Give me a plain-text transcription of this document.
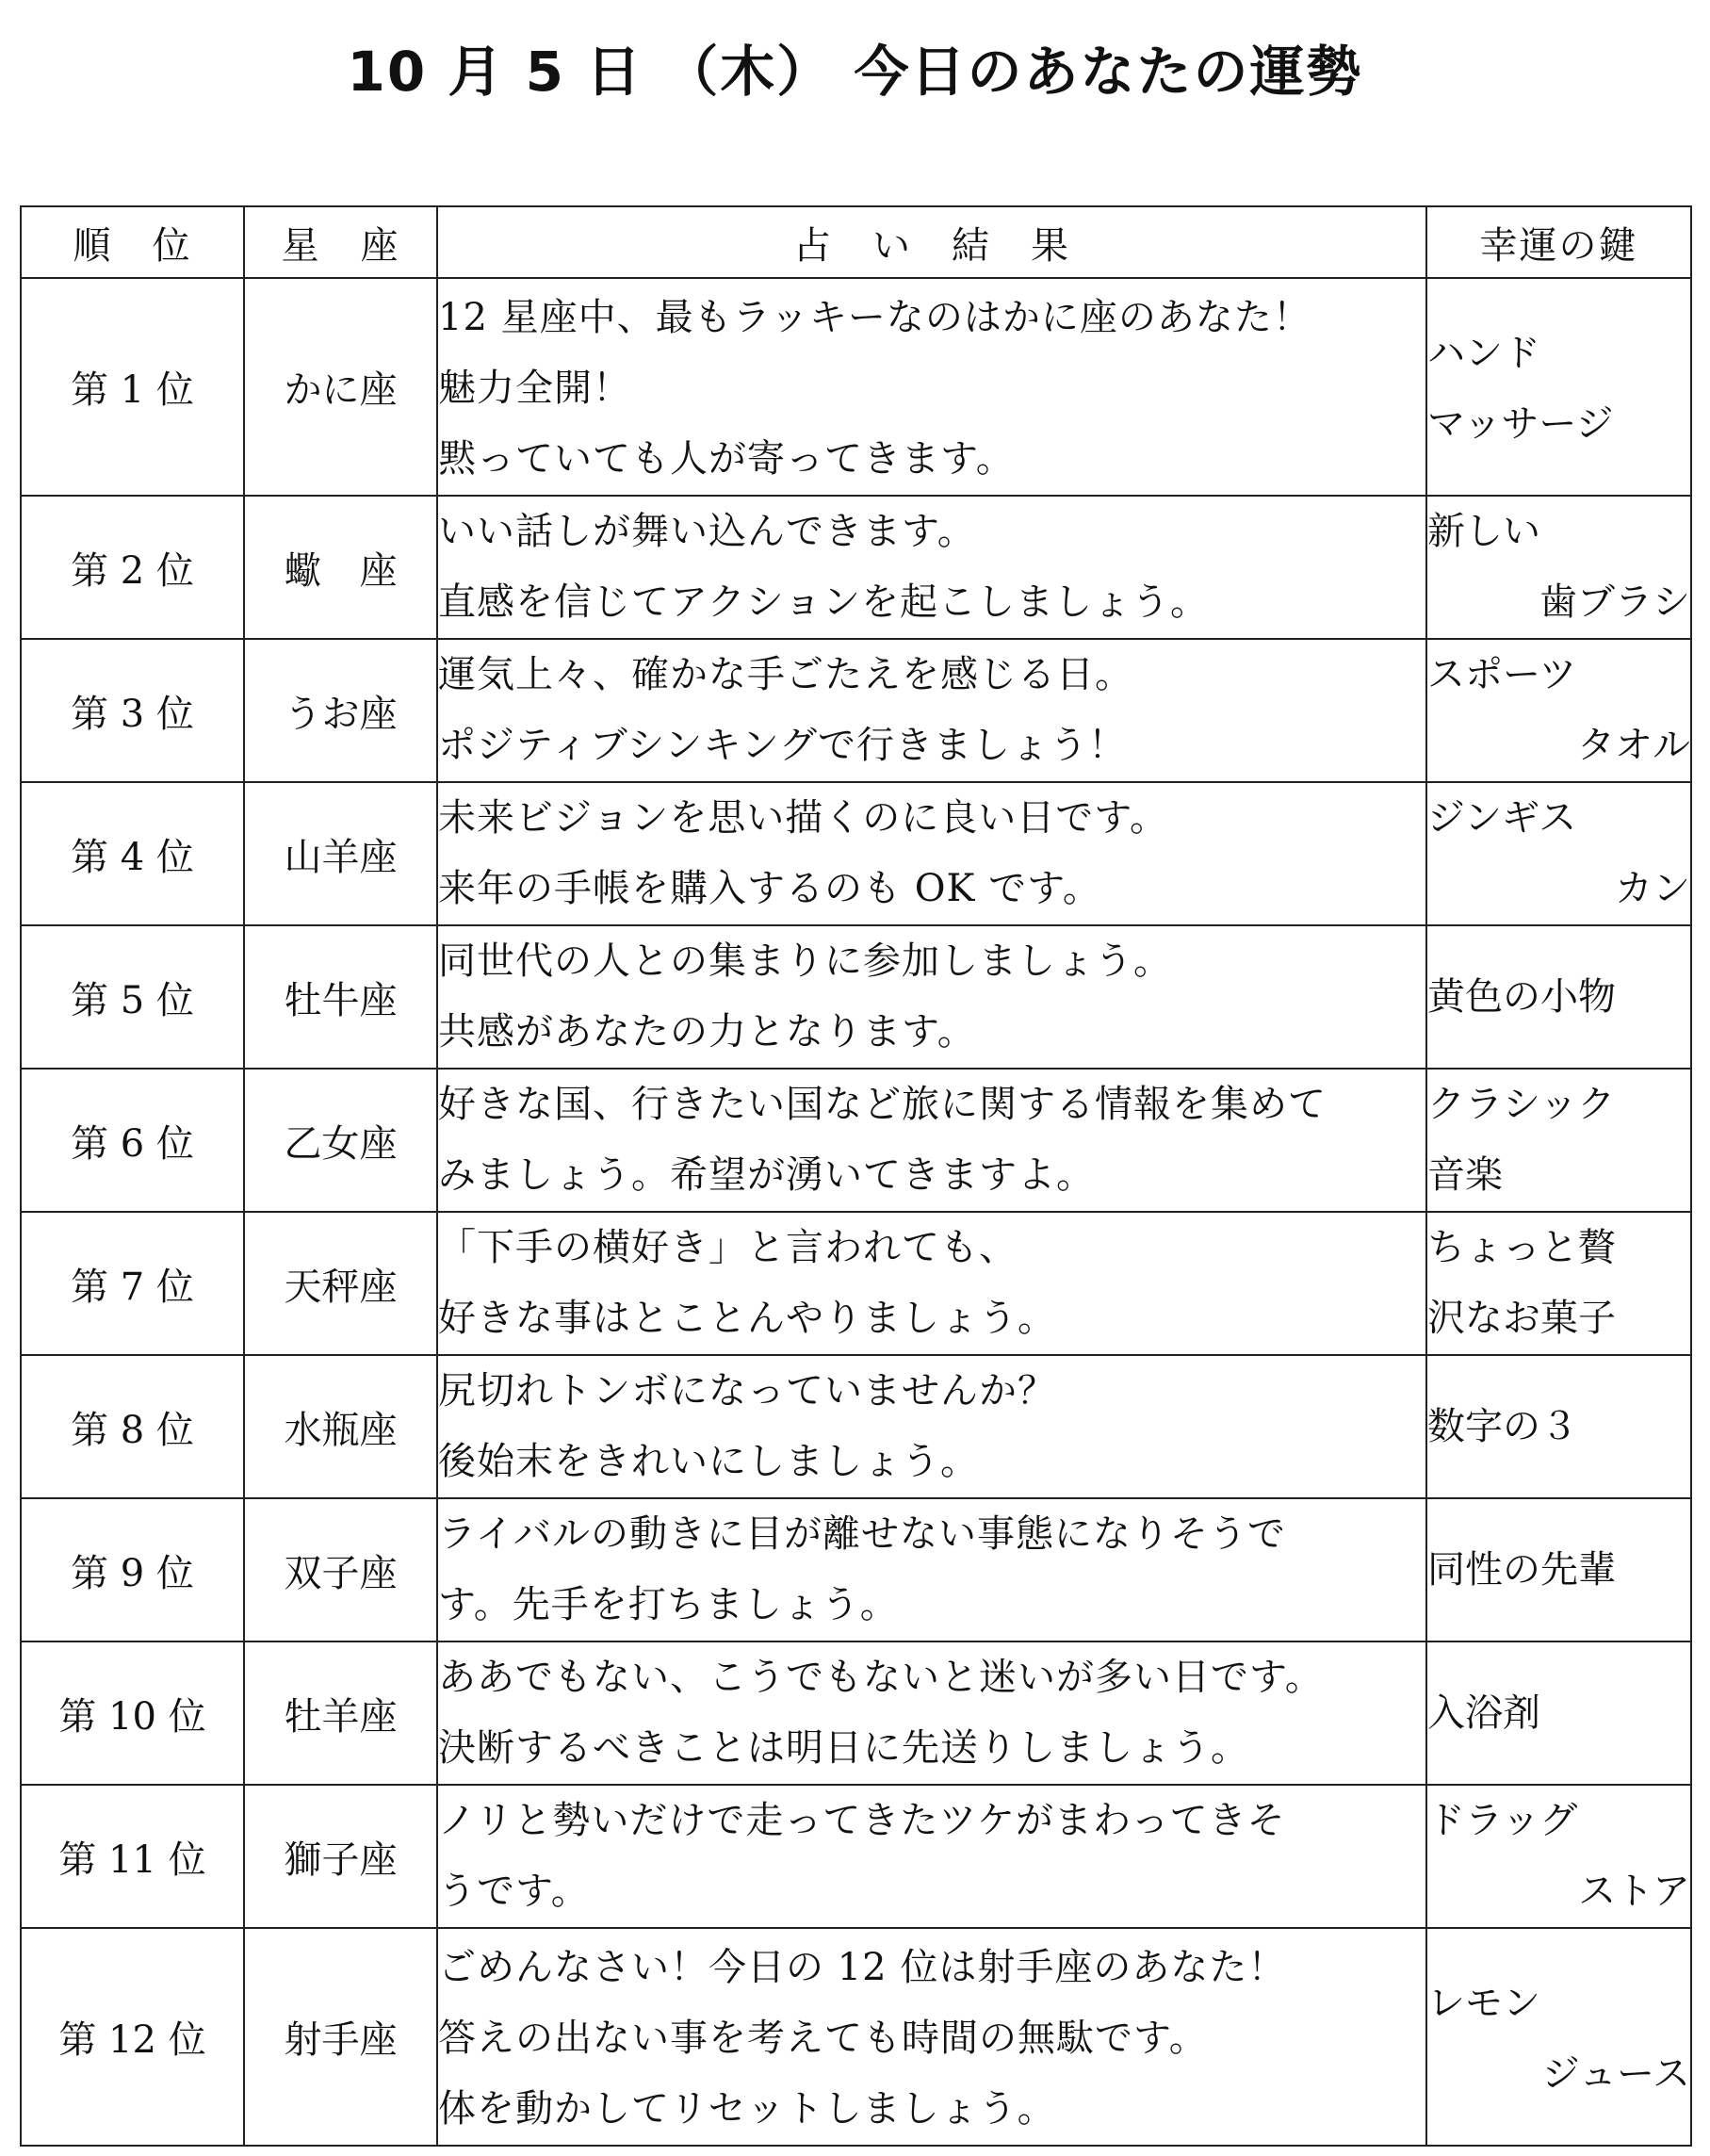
10 月 5 日 （木） 今日のあなたの運勢
順　位	星　座	占　い　結　果	幸運の鍵
第 1 位	かに座	12 星座中、最もラッキーなのはかに座のあなた！
魅力全開！
黙っていても人が寄ってきます。	ハンド
マッサージ

第 2 位	蠍　座	いい話しが舞い込んできます。
直感を信じてアクションを起こしましょう。	新しい
歯ブラシ

第 3 位	うお座	運気上々、確かな手ごたえを感じる日。
ポジティブシンキングで行きましょう！	スポーツ
タオル

第 4 位	山羊座	未来ビジョンを思い描くのに良い日です。
来年の手帳を購入するのも OK です。	ジンギス
カン

第 5 位	牡牛座	同世代の人との集まりに参加しましょう。
共感があなたの力となります。	黄色の小物

第 6 位	乙女座	好きな国、行きたい国など旅に関する情報を集めて
みましょう。希望が湧いてきますよ。	クラシック
音楽

第 7 位	天秤座	「下手の横好き」と言われても、
好きな事はとことんやりましょう。	ちょっと贅
沢なお菓子

第 8 位	水瓶座	尻切れトンボになっていませんか？
後始末をきれいにしましょう。	数字の３

第 9 位	双子座	ライバルの動きに目が離せない事態になりそうで
す。先手を打ちましょう。	同性の先輩

第 10 位	牡羊座	ああでもない、こうでもないと迷いが多い日です。
決断するべきことは明日に先送りしましょう。	入浴剤

第 11 位	獅子座	ノリと勢いだけで走ってきたツケがまわってきそ
うです。	ドラッグ
ストア

第 12 位	射手座	ごめんなさい！今日の 12 位は射手座のあなた！
答えの出ない事を考えても時間の無駄です。
体を動かしてリセットしましょう。	レモン
ジュース
